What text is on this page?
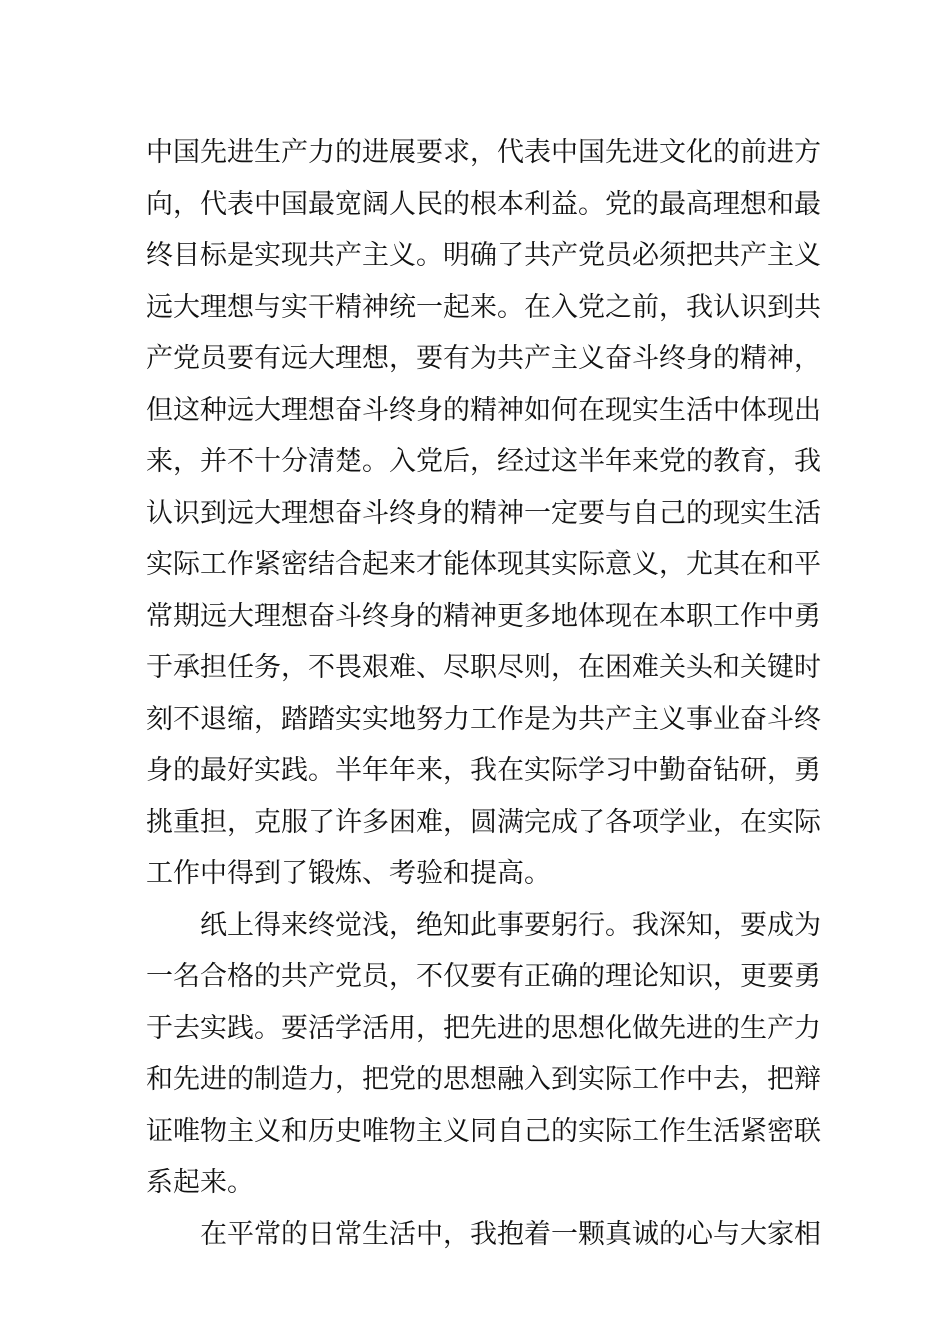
中国先进生产力的进展要求，代表中国先进文化的前进方
向，代表中国最宽阔人民的根本利益。党的最高理想和最
终目标是实现共产主义。明确了共产党员必须把共产主义
远大理想与实干精神统一起来。在入党之前，我认识到共
产党员要有远大理想，要有为共产主义奋斗终身的精神，
但这种远大理想奋斗终身的精神如何在现实生活中体现出
来，并不十分清楚。入党后，经过这半年来党的教育，我
认识到远大理想奋斗终身的精神一定要与自己的现实生活
实际工作紧密结合起来才能体现其实际意义，尤其在和平
常期远大理想奋斗终身的精神更多地体现在本职工作中勇
于承担任务，不畏艰难、尽职尽则，在困难关头和关键时
刻不退缩，踏踏实实地努力工作是为共产主义事业奋斗终
身的最好实践。半年年来，我在实际学习中勤奋钻研，勇
挑重担，克服了许多困难，圆满完成了各项学业，在实际
工作中得到了锻炼、考验和提高。
纸上得来终觉浅，绝知此事要躬行。我深知，要成为
一名合格的共产党员，不仅要有正确的理论知识，更要勇
于去实践。要活学活用，把先进的思想化做先进的生产力
和先进的制造力，把党的思想融入到实际工作中去，把辩
证唯物主义和历史唯物主义同自己的实际工作生活紧密联
系起来。
在平常的日常生活中，我抱着一颗真诚的心与大家相
